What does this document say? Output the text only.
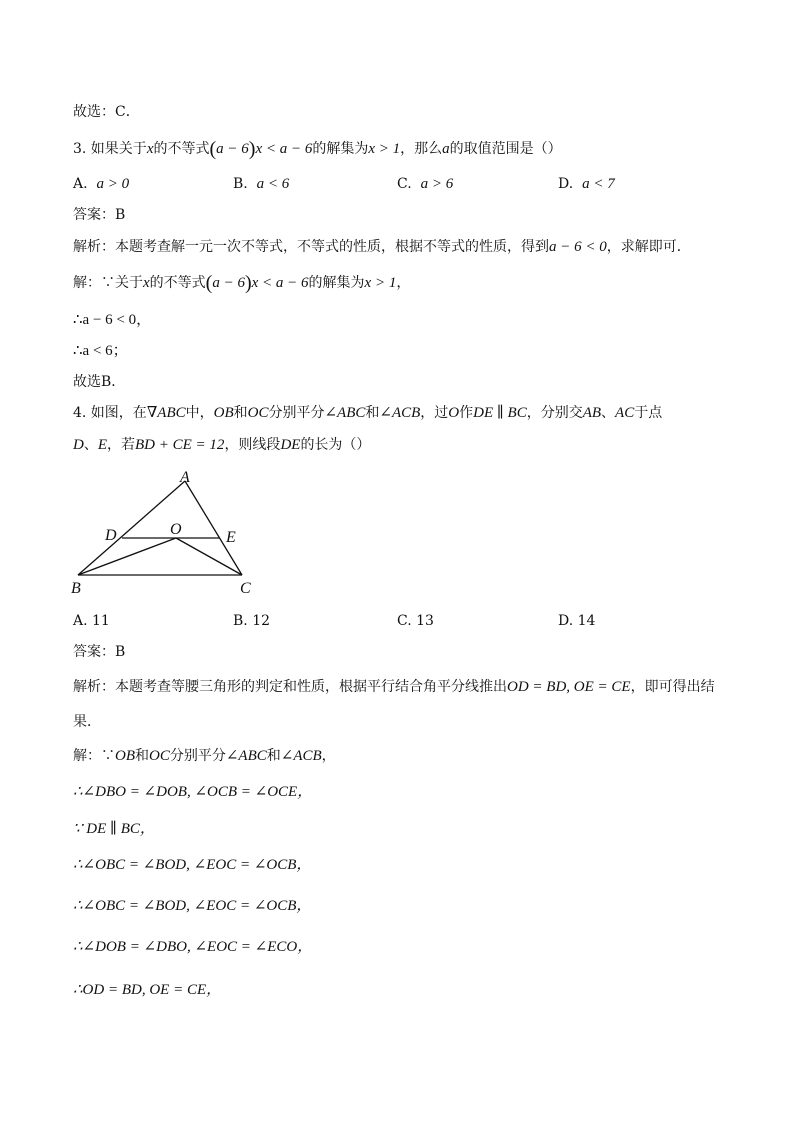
故选：C．
3. 如果关于x的不等式(a − 6)x < a − 6的解集为x > 1，那么a的取值范围是（）
A. a > 0	B. a < 6	C. a > 6	D. a < 7
答案：B
解析：本题考查解一元一次不等式，不等式的性质，根据不等式的性质，得到a − 6 < 0，求解即可．
解：∵关于x的不等式(a − 6)x < a − 6的解集为x > 1，
∴a − 6 < 0，
∴a < 6；
故选B．
4. 如图，在∇ABC中，OB和OC分别平分∠ABC和∠ACB，过O作DE ∥ BC，分别交AB、AC于点
D、E，若BD + CE = 12，则线段DE的长为（）
A
B	C
D	E
O
A. 11	B. 12	C. 13	D. 14
答案：B
解析：本题考查等腰三角形的判定和性质，根据平行结合角平分线推出OD = BD, OE = CE，即可得出结
果．
解：∵OB和OC分别平分∠ABC和∠ACB，
∴∠DBO = ∠DOB, ∠OCB = ∠OCE，
∵ DE ∥ BC，
∴∠OBC = ∠BOD, ∠EOC = ∠OCB，
∴∠OBC = ∠BOD, ∠EOC = ∠OCB，
∴∠DOB = ∠DBO, ∠EOC = ∠ECO，
∴OD = BD, OE = CE，
